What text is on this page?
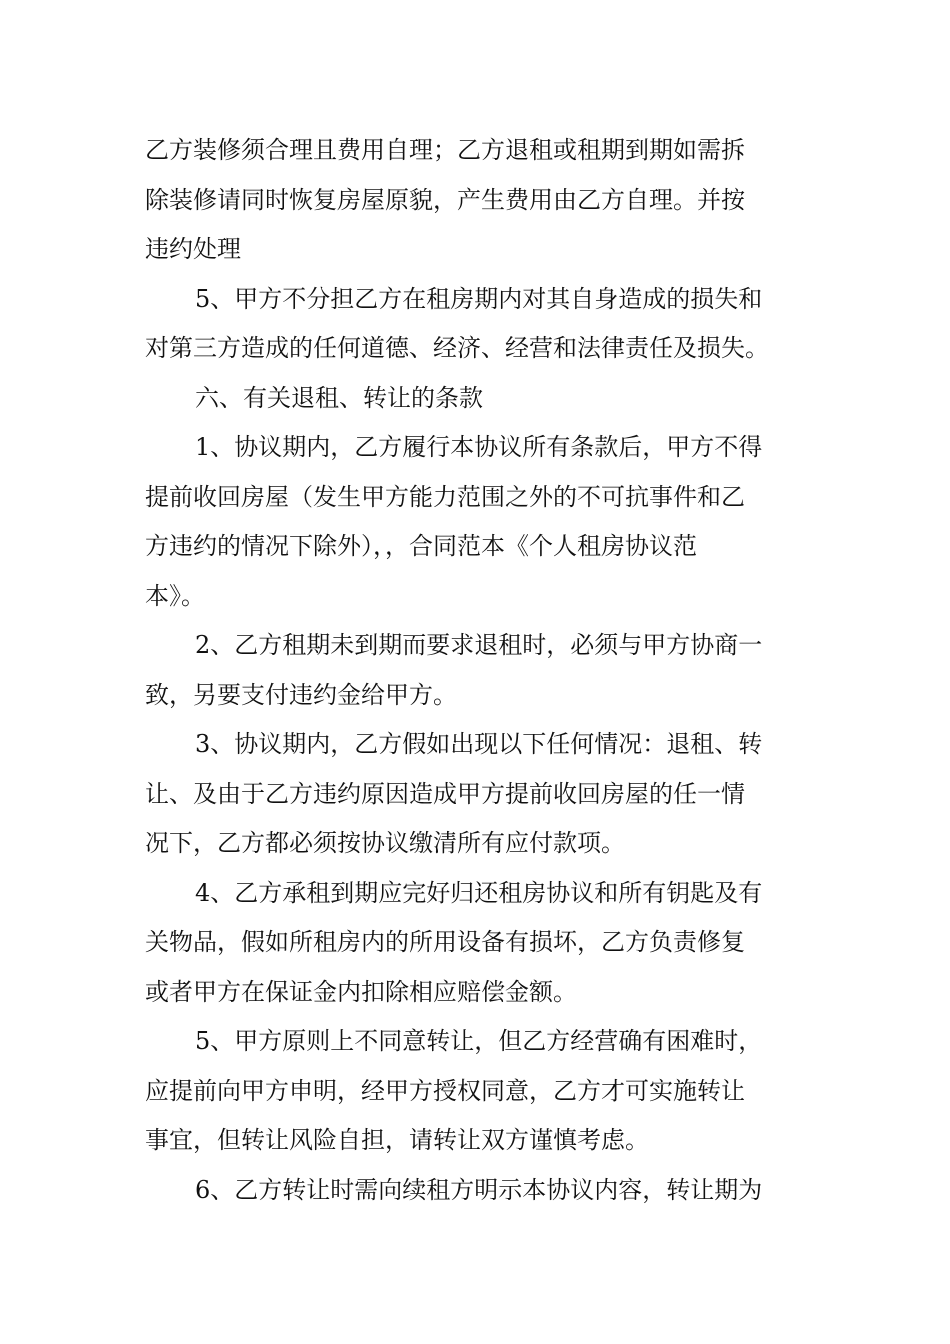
乙方装修须合理且费用自理；乙方退租或租期到期如需拆
除装修请同时恢复房屋原貌，产生费用由乙方自理。并按
违约处理
5、甲方不分担乙方在租房期内对其自身造成的损失和
对第三方造成的任何道德、经济、经营和法律责任及损失。
六、有关退租、转让的条款
1、协议期内，乙方履行本协议所有条款后，甲方不得
提前收回房屋（发生甲方能力范围之外的不可抗事件和乙
方违约的情况下除外），，合同范本《个人租房协议范
本》。
2、乙方租期未到期而要求退租时，必须与甲方协商一
致，另要支付违约金给甲方。
3、协议期内，乙方假如出现以下任何情况：退租、转
让、及由于乙方违约原因造成甲方提前收回房屋的任一情
况下，乙方都必须按协议缴清所有应付款项。
4、乙方承租到期应完好归还租房协议和所有钥匙及有
关物品，假如所租房内的所用设备有损坏，乙方负责修复
或者甲方在保证金内扣除相应赔偿金额。
5、甲方原则上不同意转让，但乙方经营确有困难时，
应提前向甲方申明，经甲方授权同意，乙方才可实施转让
事宜，但转让风险自担，请转让双方谨慎考虑。
6、乙方转让时需向续租方明示本协议内容，转让期为
